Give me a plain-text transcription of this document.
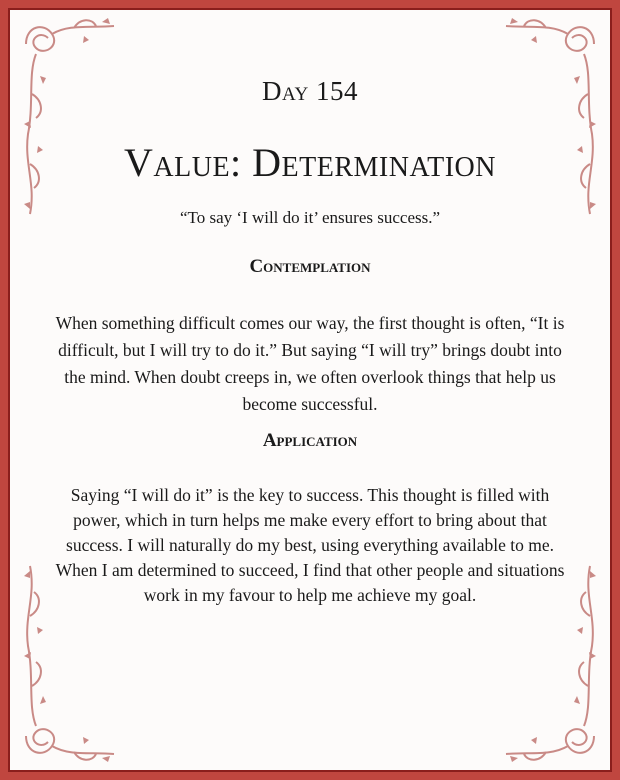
Day 154
Value: Determination
“To say ‘I will do it’ ensures success.”
Contemplation
When something difficult comes our way, the first thought is often, “It is difficult, but I will try to do it.” But saying “I will try” brings doubt into the mind. When doubt creeps in, we often overlook things that help us become successful.
Application
Saying “I will do it” is the key to success. This thought is filled with power, which in turn helps me make every effort to bring about that success. I will naturally do my best, using everything available to me. When I am determined to succeed, I find that other people and situations work in my favour to help me achieve my goal.
